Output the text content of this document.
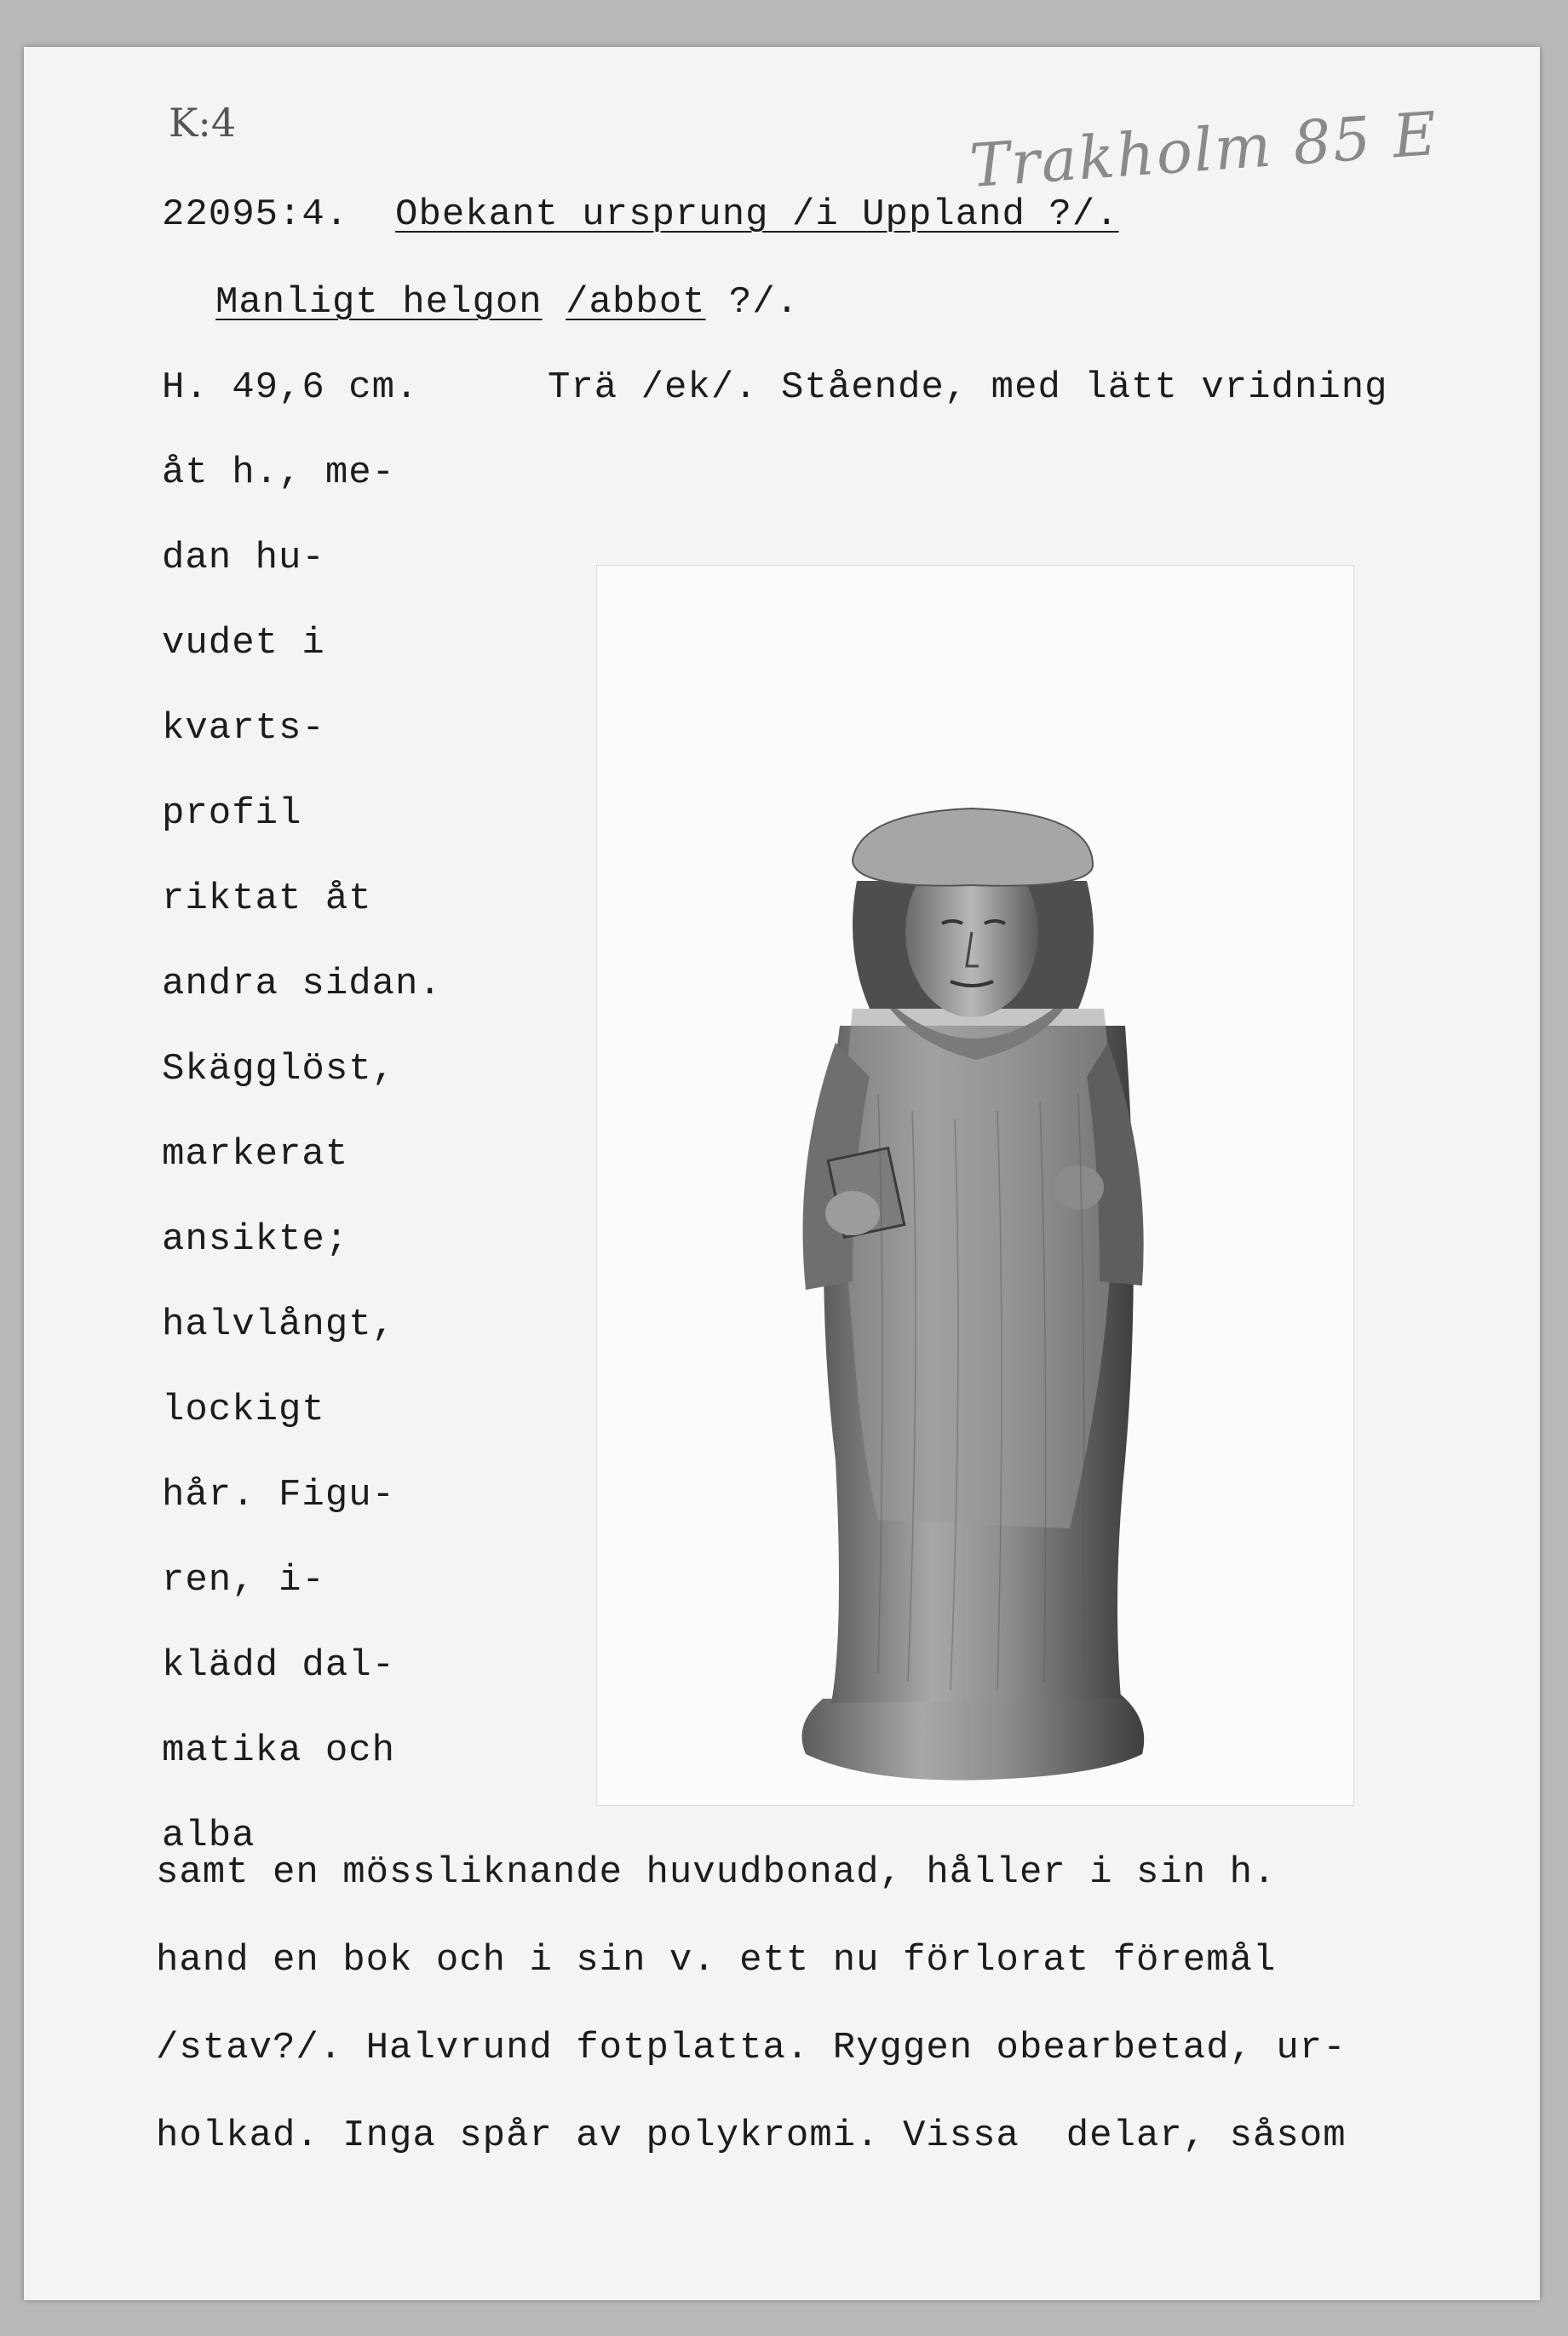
K:4	Trakholm 85 E
22095:4. Obekant ursprung /i Uppland ?/.
Manligt helgon /abbot ?/.
H. 49,6 cm.	Trä /ek/. Stående, med lätt vridning
åt h., me-
dan hu-
vudet i
kvarts-
profil
riktat åt
andra sidan.
Skägglöst,
markerat
ansikte;
halvlångt,
lockigt
hår. Figu-
ren, i-
klädd dal-
matika och
alba
samt en mössliknande huvudbonad, håller i sin h.
hand en bok och i sin v. ett nu förlorat föremål
/stav?/. Halvrund fotplatta. Ryggen obearbetad, ur-
holkad. Inga spår av polykromi. Vissa  delar, såsom
